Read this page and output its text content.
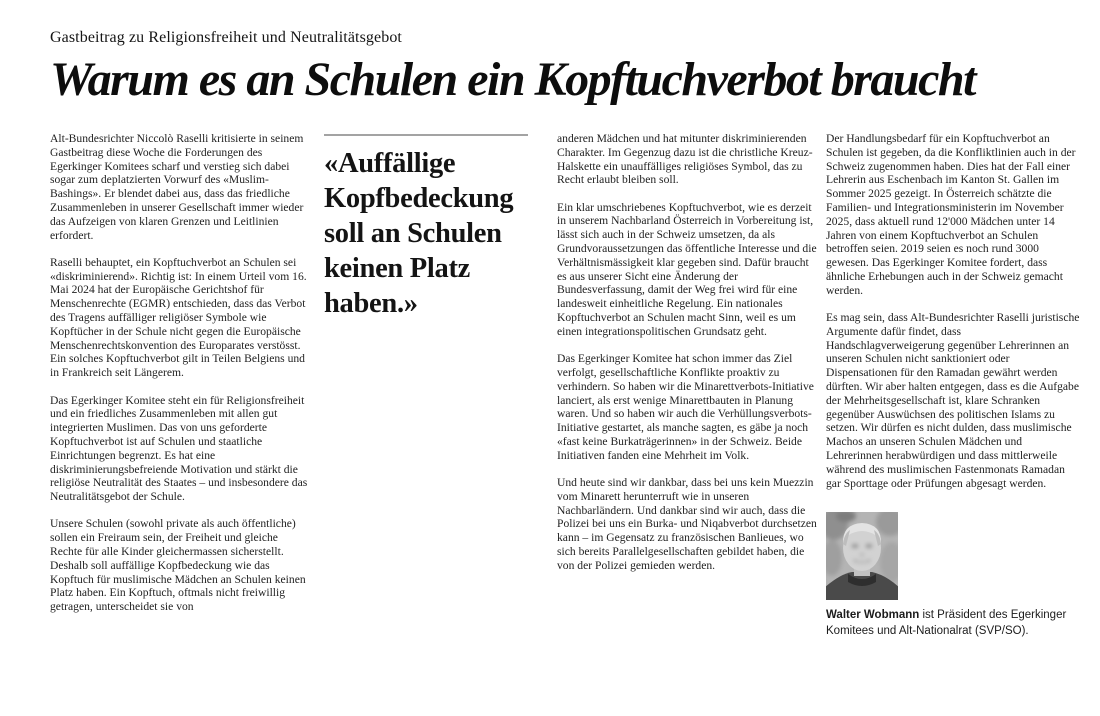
Gastbeitrag zu Religionsfreiheit und Neutralitätsgebot
Warum es an Schulen ein Kopftuchverbot braucht

Alt-Bundesrichter Niccolò Raselli kritisierte in seinem Gastbeitrag diese Woche die Forderungen des Egerkinger Komitees scharf und verstieg sich dabei sogar zum deplatzierten Vorwurf des «Muslim-Bashings». Er blendet dabei aus, dass das friedliche Zusammenleben in unserer Gesellschaft immer wieder das Aufzeigen von klaren Grenzen und Leitlinien erfordert.

Raselli behauptet, ein Kopftuchverbot an Schulen sei «diskriminierend». Richtig ist: In einem Urteil vom 16. Mai 2024 hat der Europäische Gerichtshof für Menschenrechte (EGMR) entschieden, dass das Verbot des Tragens auffälliger religiöser Symbole wie Kopftücher in der Schule nicht gegen die Europäische Menschenrechtskonvention des Europarates verstösst. Ein solches Kopftuchverbot gilt in Teilen Belgiens und in Frankreich seit Längerem.

Das Egerkinger Komitee steht ein für Religionsfreiheit und ein friedliches Zusammenleben mit allen gut integrierten Muslimen. Das von uns geforderte Kopftuchverbot ist auf Schulen und staatliche Einrichtungen begrenzt. Es hat eine diskriminierungsbefreiende Motivation und stärkt die religiöse Neutralität des Staates – und insbesondere das Neutralitätsgebot der Schule.

Unsere Schulen (sowohl private als auch öffentliche) sollen ein Freiraum sein, der Freiheit und gleiche Rechte für alle Kinder gleichermassen sicherstellt. Deshalb soll auffällige Kopfbedeckung wie das Kopftuch für muslimische Mädchen an Schulen keinen Platz haben. Ein Kopftuch, oftmals nicht freiwillig getragen, unterscheidet sie von

«Auffällige Kopfbedeckung soll an Schulen keinen Platz haben.»

anderen Mädchen und hat mitunter diskriminierenden Charakter. Im Gegenzug dazu ist die christliche Kreuz-Halskette ein unauffälliges religiöses Symbol, das zu Recht erlaubt bleiben soll.

Ein klar umschriebenes Kopftuchverbot, wie es derzeit in unserem Nachbarland Österreich in Vorbereitung ist, lässt sich auch in der Schweiz umsetzen, da als Grundvoraussetzungen das öffentliche Interesse und die Verhältnismässigkeit klar gegeben sind. Dafür braucht es aus unserer Sicht eine Änderung der Bundesverfassung, damit der Weg frei wird für eine landesweit einheitliche Regelung. Ein nationales Kopftuchverbot an Schulen macht Sinn, weil es um einen integrationspolitischen Grundsatz geht.

Das Egerkinger Komitee hat schon immer das Ziel verfolgt, gesellschaftliche Konflikte proaktiv zu verhindern. So haben wir die Minarettverbots-Initiative lanciert, als erst wenige Minarettbauten in Planung waren. Und so haben wir auch die Verhüllungsverbots-Initiative gestartet, als manche sagten, es gäbe ja noch «fast keine Burkaträgerinnen» in der Schweiz. Beide Initiativen fanden eine Mehrheit im Volk.

Und heute sind wir dankbar, dass bei uns kein Muezzin vom Minarett herunterruft wie in unseren Nachbarländern. Und dankbar sind wir auch, dass die Polizei bei uns ein Burka- und Niqabverbot durchsetzen kann – im Gegensatz zu französischen Banlieues, wo sich bereits Parallelgesellschaften gebildet haben, die von der Polizei gemieden werden.

Der Handlungsbedarf für ein Kopftuchverbot an Schulen ist gegeben, da die Konfliktlinien auch in der Schweiz zugenommen haben. Dies hat der Fall einer Lehrerin aus Eschenbach im Kanton St. Gallen im Sommer 2025 gezeigt. In Österreich schätzte die Familien- und Integrationsministerin im November 2025, dass aktuell rund 12'000 Mädchen unter 14 Jahren von einem Kopftuchverbot an Schulen betroffen seien. 2019 seien es noch rund 3000 gewesen. Das Egerkinger Komitee fordert, dass ähnliche Erhebungen auch in der Schweiz gemacht werden.

Es mag sein, dass Alt-Bundesrichter Raselli juristische Argumente dafür findet, dass Handschlagverweigerung gegenüber Lehrerinnen an unseren Schulen nicht sanktioniert oder Dispensationen für den Ramadan gewährt werden dürften. Wir aber halten entgegen, dass es die Aufgabe der Mehrheitsgesellschaft ist, klare Schranken gegenüber Auswüchsen des politischen Islams zu setzen. Wir dürfen es nicht dulden, dass muslimische Machos an unseren Schulen Mädchen und Lehrerinnen herabwürdigen und dass mittlerweile während des muslimischen Fastenmonats Ramadan gar Sporttage oder Prüfungen abgesagt werden.

Walter Wobmann ist Präsident des Egerkinger Komitees und Alt-Nationalrat (SVP/SO).
